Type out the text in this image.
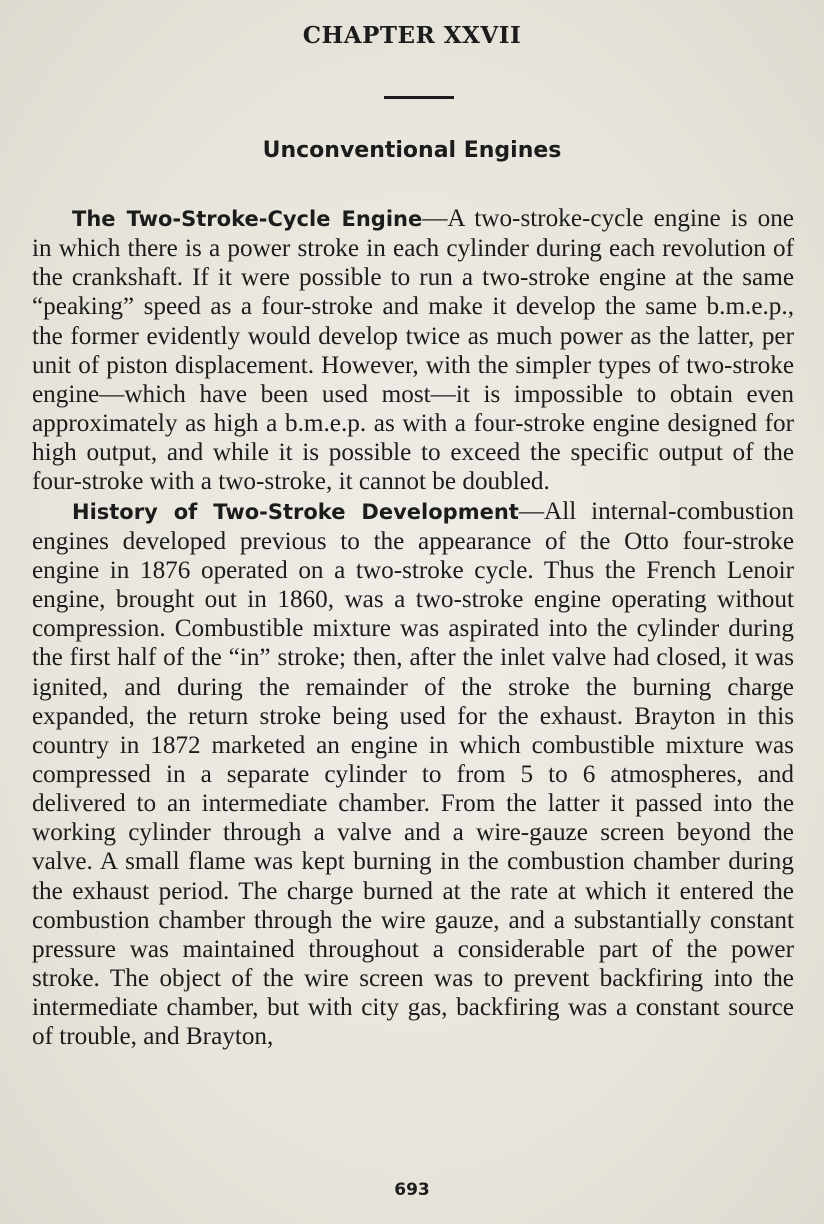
CHAPTER XXVII
Unconventional Engines

The Two-Stroke-Cycle Engine—A two-stroke-cycle engine is one in which there is a power stroke in each cylinder during each revolution of the crankshaft. If it were possible to run a two-stroke engine at the same “peaking” speed as a four-stroke and make it develop the same b.m.e.p., the former evidently would develop twice as much power as the latter, per unit of piston displacement. However, with the simpler types of two-stroke engine—which have been used most—it is impossible to obtain even approximately as high a b.m.e.p. as with a four-stroke engine designed for high output, and while it is possible to exceed the specific output of the four-stroke with a two-stroke, it cannot be doubled.

History of Two-Stroke Development—All internal-combustion engines developed previous to the appearance of the Otto four-stroke engine in 1876 operated on a two-stroke cycle. Thus the French Lenoir engine, brought out in 1860, was a two-stroke engine operating without compression. Combustible mixture was aspirated into the cylinder during the first half of the “in” stroke; then, after the inlet valve had closed, it was ignited, and during the remainder of the stroke the burning charge expanded, the return stroke being used for the exhaust. Brayton in this country in 1872 marketed an engine in which combustible mixture was compressed in a separate cylinder to from 5 to 6 atmospheres, and delivered to an intermediate chamber. From the latter it passed into the working cylinder through a valve and a wire-gauze screen beyond the valve. A small flame was kept burning in the combustion chamber during the exhaust period. The charge burned at the rate at which it entered the combustion chamber through the wire gauze, and a substantially constant pressure was maintained throughout a considerable part of the power stroke. The object of the wire screen was to prevent backfiring into the intermediate chamber, but with city gas, backfiring was a constant source of trouble, and Brayton,

693
